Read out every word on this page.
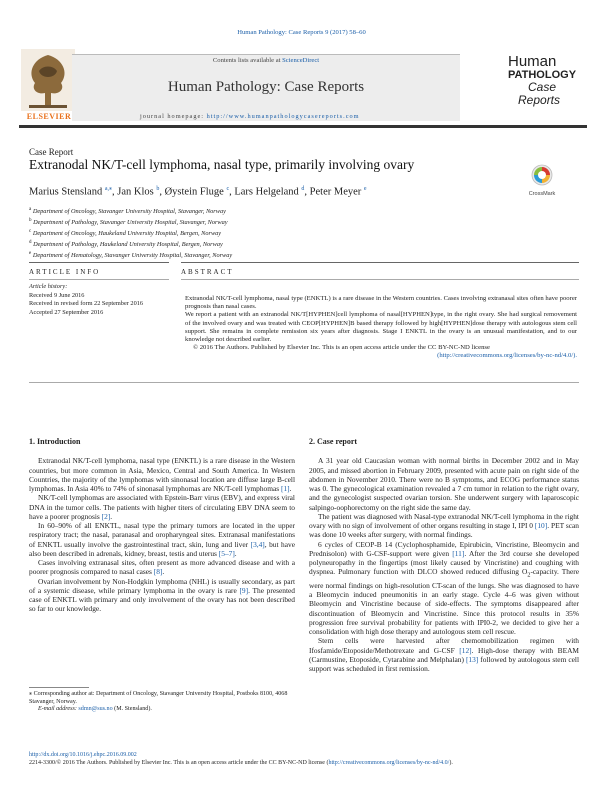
Human Pathology: Case Reports 9 (2017) 58–60
ELSEVIER
Contents lists available at ScienceDirect
Human Pathology: Case Reports
journal homepage: http://www.humanpathologycasereports.com
Human
PATHOLOGY
Case
Reports
Case Report
Extranodal NK/T-cell lymphoma, nasal type, primarily involving ovary
CrossMark
Marius Stensland $^{a,⁎}$, Jan Klos $^b$, Øystein Fluge $^c$, Lars Helgeland $^d$, Peter Meyer $^e$
$^a$ Department of Oncology, Stavanger University Hospital, Stavanger, Norway
$^b$ Department of Pathology, Stavanger University Hospital, Stavanger, Norway
$^c$ Department of Oncology, Haukeland University Hospital, Bergen, Norway
$^d$ Department of Pathology, Haukeland University Hospital, Bergen, Norway
$^e$ Department of Hematology, Stavanger University Hospital, Stavanger, Norway
ARTICLE INFO	ABSTRACT
Article history:
Received 9 June 2016
Received in revised form 22 September 2016
Accepted 27 September 2016

Extranodal NK/T-cell lymphoma, nasal type (ENKTL) is a rare disease in the Western countries. Cases involving extranasal sites often have poorer prognosis than nasal cases.

We report a patient with an extranodal NK/T[HYPHEN]cell lymphoma of nasal[HYPHEN]type, in the right ovary. She had surgical removement of the involved ovary and was treated with CEOP[HYPHEN]B based therapy followed by high[HYPHEN]dose therapy with autologous stem cell support. She remains in complete remission six years after diagnosis. Stage I ENKTL in the ovary is an unusual manifestation, and to our knowledge not described earlier.

© 2016 The Authors. Published by Elsevier Inc. This is an open access article under the CC BY-NC-ND license

(http://creativecommons.org/licenses/by-nc-nd/4.0/).

1. Introduction

Extranodal NK/T-cell lymphoma, nasal type (ENKTL) is a rare disease in the Western countries, but more common in Asia, Mexico, Central and South America. In Western Countries, the majority of the lymphomas with sinonasal location are diffuse large B-cell lymphomas. In Asia 40% to 74% of sinonasal lymphomas are NK/T-cell lymphomas [1].

NK/T-cell lymphomas are associated with Epstein-Barr virus (EBV), and express viral DNA in the tumor cells. The patients with higher titers of circulating EBV DNA seem to have a poorer prognosis [2].

In 60–90% of all ENKTL, nasal type the primary tumors are located in the upper respiratory tract; the nasal, paranasal and oropharyngeal sites. Extranasal manifestations of ENKTL usually involve the gastrointestinal tract, skin, lung and liver [3,4], but have also been described in adrenals, kidney, breast, testis and uterus [5–7].

Cases involving extranasal sites, often present as more advanced disease and with a poorer prognosis compared to nasal cases [8].

Ovarian involvement by Non-Hodgkin lymphoma (NHL) is usually secondary, as part of a systemic disease, while primary lymphoma in the ovary is rare [9]. The presented case of ENKTL with primary and only involvement of the ovary has not been described so far to our knowledge.

2. Case report

A 31 year old Caucasian woman with normal births in December 2002 and in May 2005, and missed abortion in February 2009, presented with acute pain on right side of the abdomen in November 2010. There were no B symptoms, and ECOG performance status was 0. The gynecological examination revealed a 7 cm tumor in relation to the right ovary, and the gynecologist suspected ovarian torsion. She underwent surgery with laparoscopic salpingo-oophorectomy on the right side the same day.

The patient was diagnosed with Nasal-type extranodal NK/T-cell lymphoma in the right ovary with no sign of involvement of other organs resulting in stage I, IPI 0 [10]. PET scan was done 10 weeks after surgery, with normal findings.

6 cycles of CEOP-B 14 (Cyclophosphamide, Epirubicin, Vincristine, Bleomycin and Prednisolon) with G-CSF-support were given [11]. After the 3rd course she developed polyneuropathy in the fingertips (most likely caused by Vincristine) and coughing with dyspnea. Pulmonary function with DLCO showed reduced diffusing $O_2$-capacity. There were normal findings on high-resolution CT-scan of the lungs. She was diagnosed to have a Bleomycin induced pneumonitis in an early stage. Cycle 4–6 was given without Bleomycin and Vincristine because of side-effects. The symptoms disappeared after discontinuation of Bleomycin and Vincristine. Since this protocol results in 35% progression free survival probability for patients with IPI0-2, we decided to give her a consolidation with high dose therapy and autologous stem cell rescue.

Stem cells were harvested after chemomobilization regimen with Ifosfamide/Etoposide/Methotrexate and G-CSF [12]. High-dose therapy with BEAM (Carmustine, Etoposide, Cytarabine and Melphalan) [13] followed by autologous stem cell support was scheduled in first remission.

⁎ Corresponding author at: Department of Oncology, Stavanger University Hospital, Postboks 8100, 4068 Stavanger, Norway.

E-mail address: sdmn@sus.no (M. Stensland).

http://dx.doi.org/10.1016/j.ehpc.2016.09.002

2214-3300/© 2016 The Authors. Published by Elsevier Inc. This is an open access article under the CC BY-NC-ND license (http://creativecommons.org/licenses/by-nc-nd/4.0/).
